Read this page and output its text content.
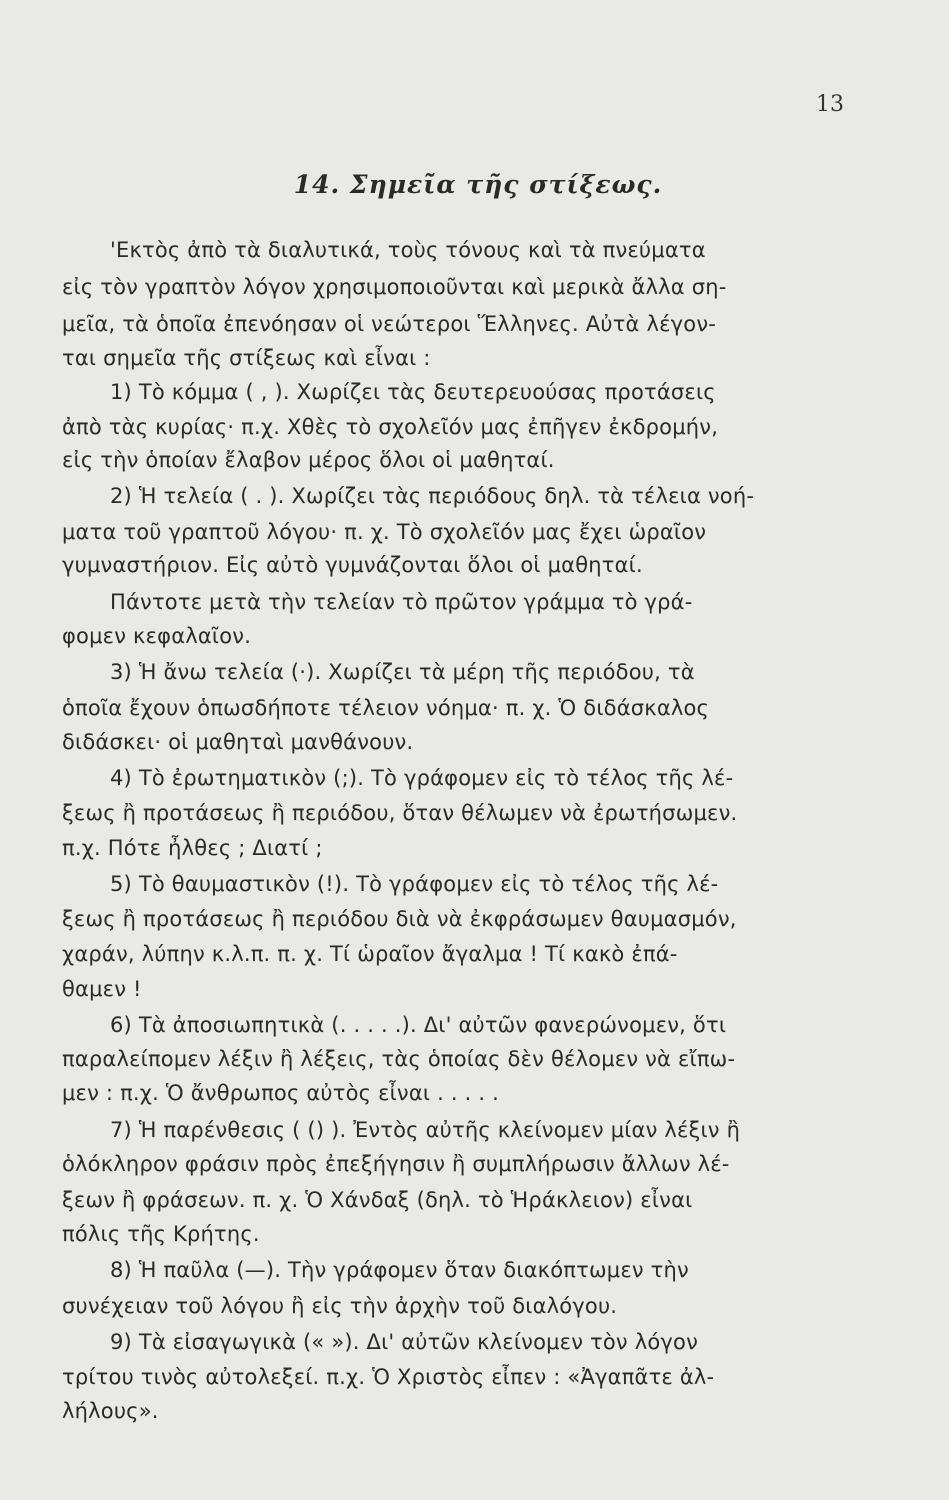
13
14. Σημεῖα τῆς στίξεως.
'Εκτὸς ἀπὸ τὰ διαλυτικά, τοὺς τόνους καὶ τὰ πνεύματα
εἰς τὸν γραπτὸν λόγον χρησιμοποιοῦνται καὶ μερικὰ ἄλλα ση-
μεῖα, τὰ ὁποῖα ἐπενόησαν οἱ νεώτεροι Ἕλληνες. Αὐτὰ λέγον-
ται σημεῖα τῆς στίξεως καὶ εἶναι :
1) Τὸ κόμμα ( , ). Χωρίζει τὰς δευτερευούσας προτάσεις
ἀπὸ τὰς κυρίας· π.χ. Χθὲς τὸ σχολεῖόν μας ἐπῆγεν ἐκδρομήν,
εἰς τὴν ὁποίαν ἔλαβον μέρος ὅλοι οἱ μαθηταί.
2) Ἡ τελεία ( . ). Χωρίζει τὰς περιόδους δηλ. τὰ τέλεια νοή-
ματα τοῦ γραπτοῦ λόγου· π. χ. Τὸ σχολεῖόν μας ἔχει ὡραῖον
γυμναστήριον. Εἰς αὐτὸ γυμνάζονται ὅλοι οἱ μαθηταί.
Πάντοτε μετὰ τὴν τελείαν τὸ πρῶτον γράμμα τὸ γρά-
φομεν κεφαλαῖον.
3) Ἡ ἄνω τελεία (·). Χωρίζει τὰ μέρη τῆς περιόδου, τὰ
ὁποῖα ἔχουν ὁπωσδήποτε τέλειον νόημα· π. χ. Ὁ διδάσκαλος
διδάσκει· οἱ μαθηταὶ μανθάνουν.
4) Τὸ ἐρωτηματικὸν (;). Τὸ γράφομεν εἰς τὸ τέλος τῆς λέ-
ξεως ἢ προτάσεως ἢ περιόδου, ὅταν θέλωμεν νὰ ἐρωτήσωμεν.
π.χ. Πότε ἦλθες ; Διατί ;
5) Τὸ θαυμαστικὸν (!). Τὸ γράφομεν εἰς τὸ τέλος τῆς λέ-
ξεως ἢ προτάσεως ἢ περιόδου διὰ νὰ ἐκφράσωμεν θαυμασμόν,
χαράν, λύπην κ.λ.π. π. χ. Τί ὡραῖον ἄγαλμα ! Τί κακὸ ἐπά-
θαμεν !
6) Τὰ ἀποσιωπητικὰ (. . . . .). Δι' αὐτῶν φανερώνομεν, ὅτι
παραλείπομεν λέξιν ἢ λέξεις, τὰς ὁποίας δὲν θέλομεν νὰ εἴπω-
μεν : π.χ. Ὁ ἄνθρωπος αὐτὸς εἶναι . . . . .
7) Ἡ παρένθεσις ( () ). Ἐντὸς αὐτῆς κλείνομεν μίαν λέξιν ἢ
ὁλόκληρον φράσιν πρὸς ἐπεξήγησιν ἢ συμπλήρωσιν ἄλλων λέ-
ξεων ἢ φράσεων. π. χ. Ὁ Χάνδαξ (δηλ. τὸ Ἡράκλειον) εἶναι
πόλις τῆς Κρήτης.
8) Ἡ παῦλα (—). Τὴν γράφομεν ὅταν διακόπτωμεν τὴν
συνέχειαν τοῦ λόγου ἢ εἰς τὴν ἀρχὴν τοῦ διαλόγου.
9) Τὰ εἰσαγωγικὰ (« »). Δι' αὐτῶν κλείνομεν τὸν λόγον
τρίτου τινὸς αὐτολεξεί. π.χ. Ὁ Χριστὸς εἶπεν : «Ἀγαπᾶτε ἀλ-
λήλους».
